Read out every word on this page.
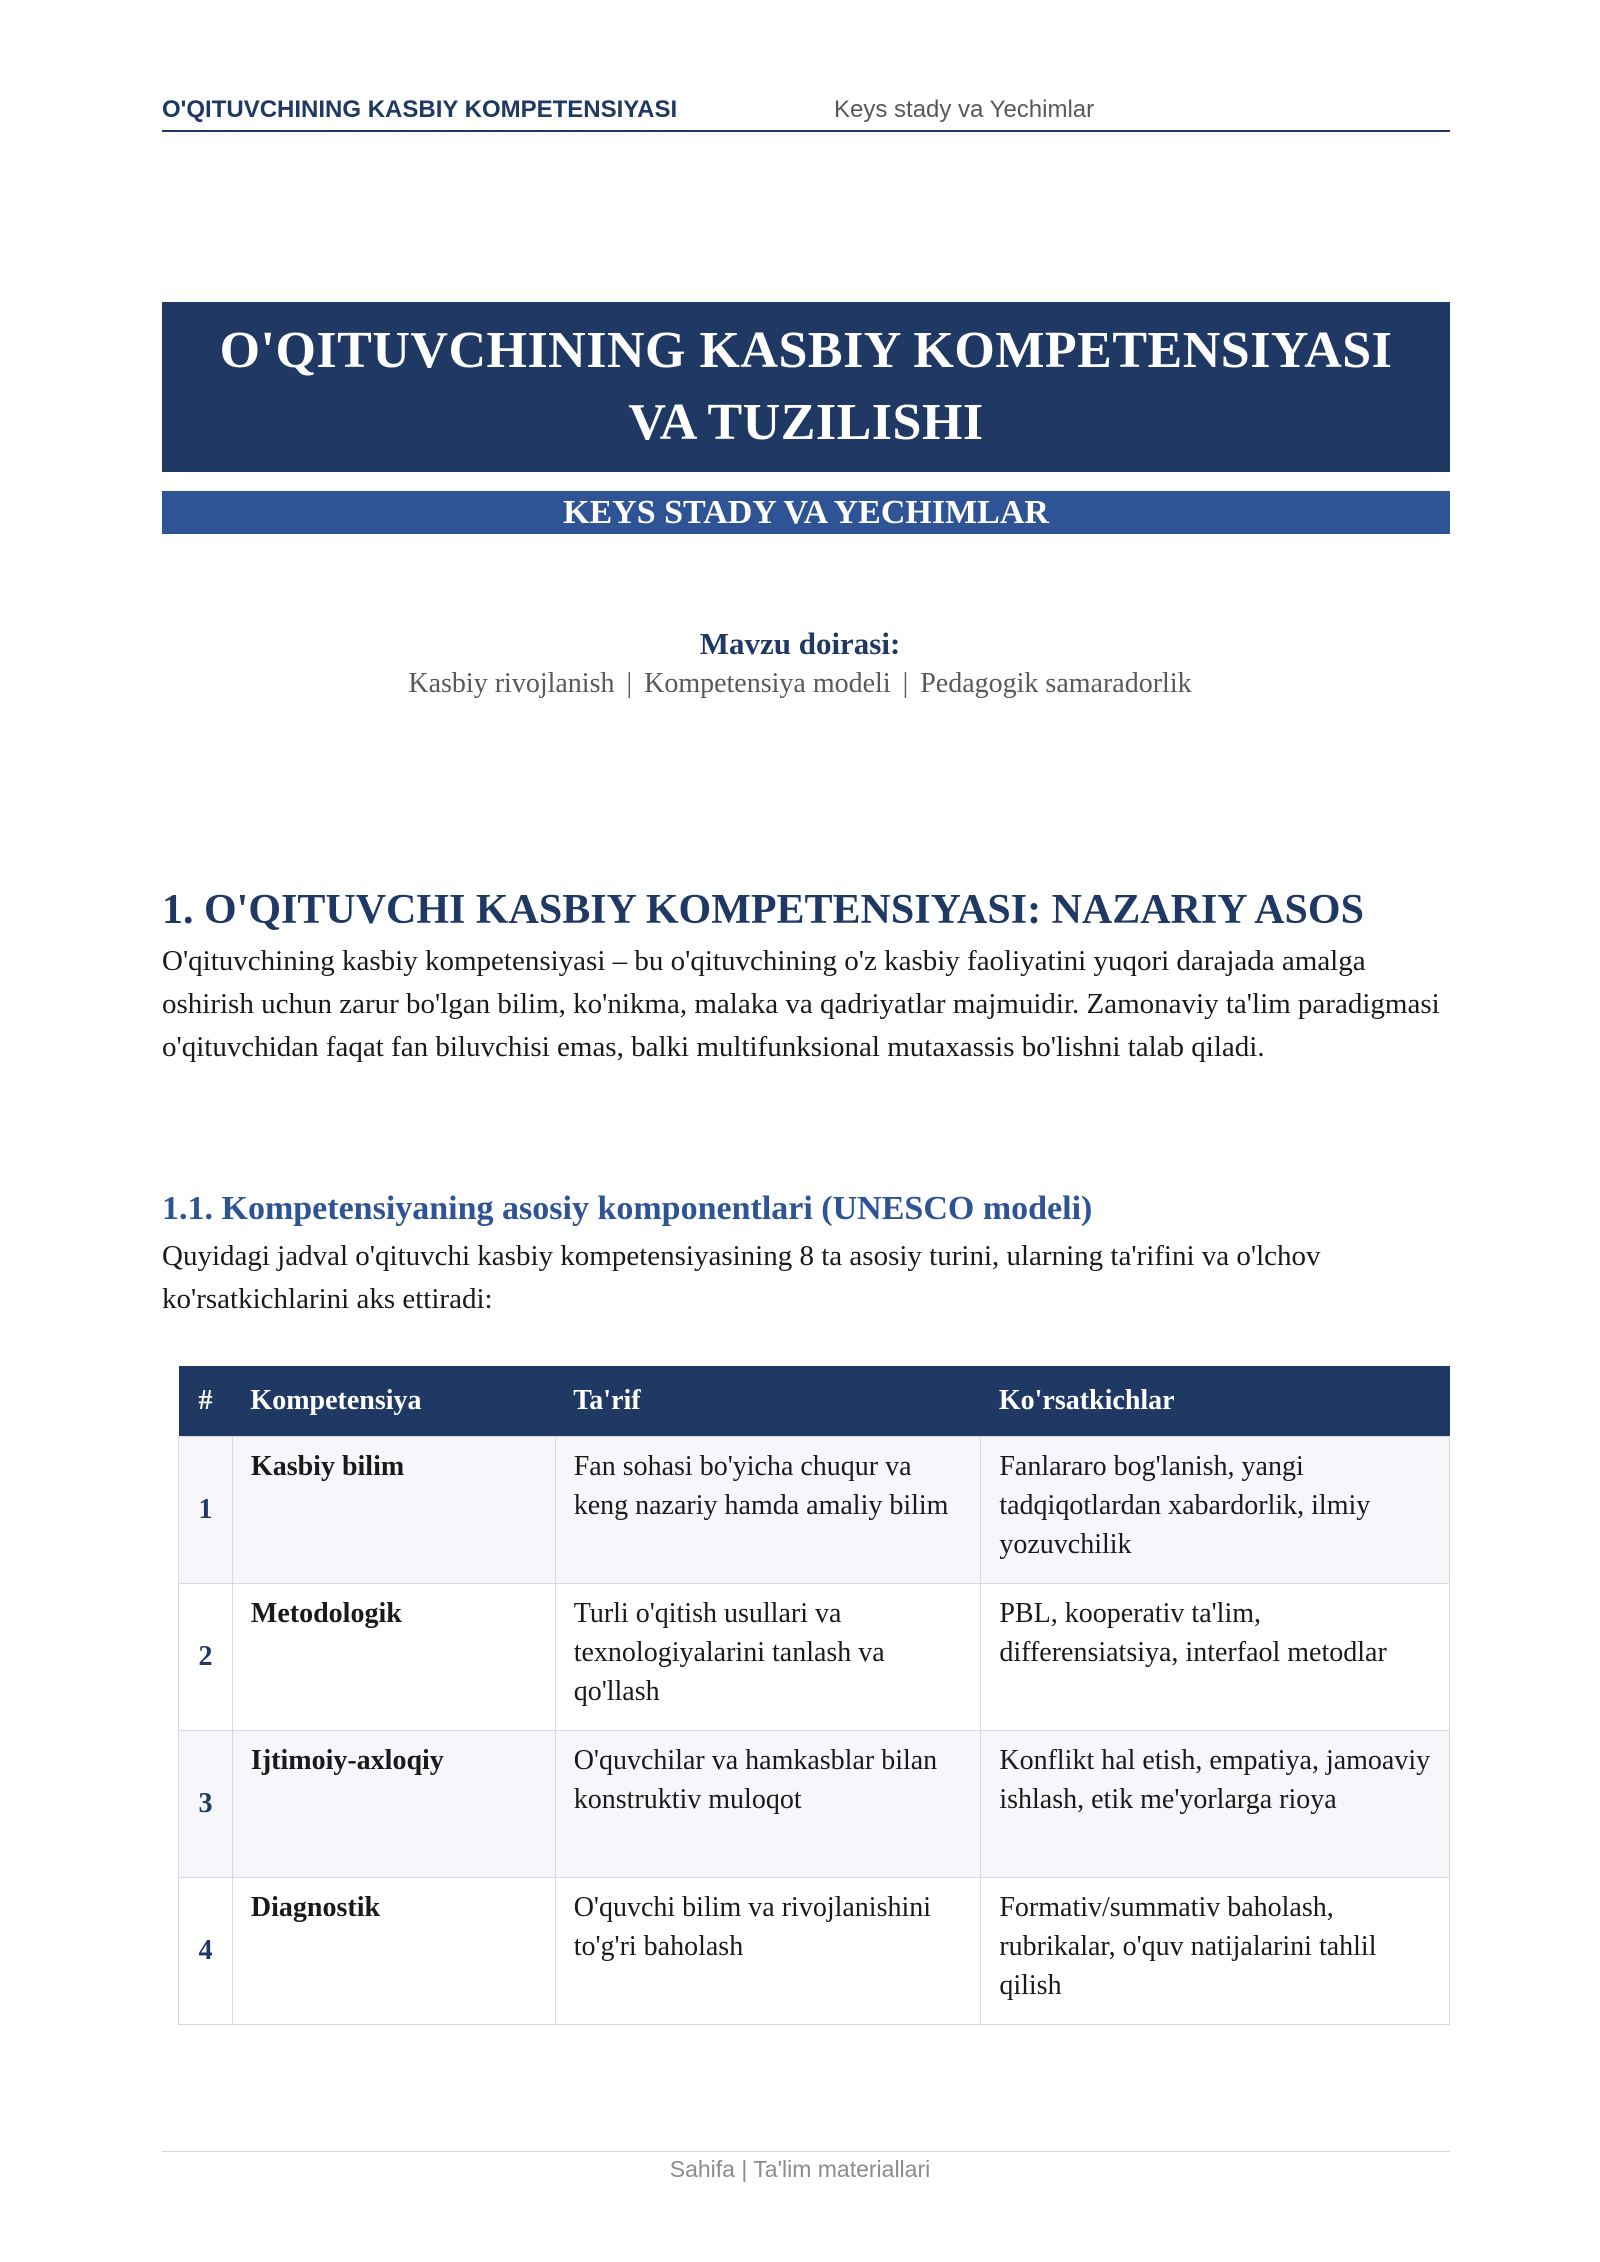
O'QITUVCHINING KASBIY KOMPETENSIYASI	Keys stady va Yechimlar
O'QITUVCHINING KASBIY KOMPETENSIYASI
VA TUZILISHI
KEYS STADY VA YECHIMLAR
Mavzu doirasi:
Kasbiy rivojlanish | Kompetensiya modeli | Pedagogik samaradorlik
1. O'QITUVCHI KASBIY KOMPETENSIYASI: NAZARIY ASOS
O'qituvchining kasbiy kompetensiyasi – bu o'qituvchining o'z kasbiy faoliyatini yuqori darajada amalga oshirish uchun zarur bo'lgan bilim, ko'nikma, malaka va qadriyatlar majmuidir. Zamonaviy ta'lim paradigmasi o'qituvchidan faqat fan biluvchisi emas, balki multifunksional mutaxassis bo'lishni talab qiladi.
1.1. Kompetensiyaning asosiy komponentlari (UNESCO modeli)
Quyidagi jadval o'qituvchi kasbiy kompetensiyasining 8 ta asosiy turini, ularning ta'rifini va o'lchov ko'rsatkichlarini aks ettiradi:
#	Kompetensiya	Ta'rif	Ko'rsatkichlar
1	Kasbiy bilim	Fan sohasi bo'yicha chuqur va keng nazariy hamda amaliy bilim	Fanlararo bog'lanish, yangi tadqiqotlardan xabardorlik, ilmiy yozuvchilik
2	Metodologik	Turli o'qitish usullari va texnologiyalarini tanlash va qo'llash	PBL, kooperativ ta'lim, differensiatsiya, interfaol metodlar
3	Ijtimoiy-axloqiy	O'quvchilar va hamkasblar bilan konstruktiv muloqot	Konflikt hal etish, empatiya, jamoaviy ishlash, etik me'yorlarga rioya
4	Diagnostik	O'quvchi bilim va rivojlanishini to'g'ri baholash	Formativ/summativ baholash, rubrikalar, o'quv natijalarini tahlil qilish
Sahifa | Ta'lim materiallari
